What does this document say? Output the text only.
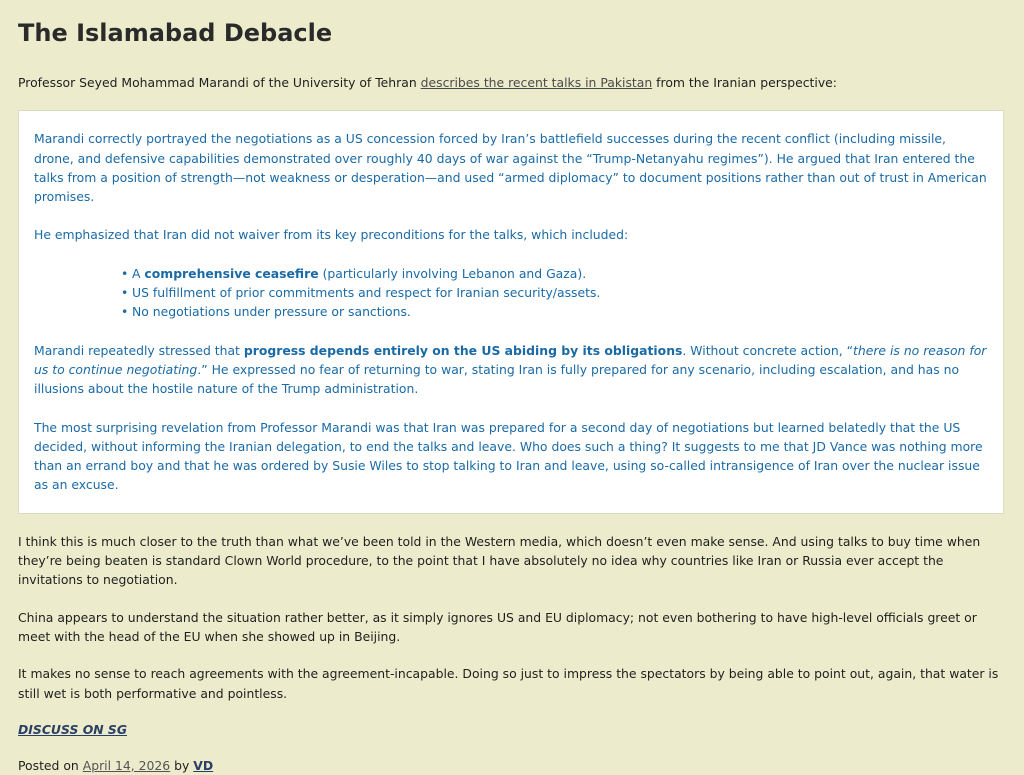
The Islamabad Debacle

Professor Seyed Mohammad Marandi of the University of Tehran describes the recent talks in Pakistan from the Iranian perspective:

Marandi correctly portrayed the negotiations as a US concession forced by Iran’s battlefield successes during the recent conflict (including missile, drone, and defensive capabilities demonstrated over roughly 40 days of war against the “Trump-Netanyahu regimes”). He argued that Iran entered the talks from a position of strength—not weakness or desperation—and used “armed diplomacy” to document positions rather than out of trust in American promises.

He emphasized that Iran did not waiver from its key preconditions for the talks, which included:

• A comprehensive ceasefire (particularly involving Lebanon and Gaza).
• US fulfillment of prior commitments and respect for Iranian security/assets.
• No negotiations under pressure or sanctions.

Marandi repeatedly stressed that progress depends entirely on the US abiding by its obligations. Without concrete action, “there is no reason for us to continue negotiating.” He expressed no fear of returning to war, stating Iran is fully prepared for any scenario, including escalation, and has no illusions about the hostile nature of the Trump administration.

The most surprising revelation from Professor Marandi was that Iran was prepared for a second day of negotiations but learned belatedly that the US decided, without informing the Iranian delegation, to end the talks and leave. Who does such a thing? It suggests to me that JD Vance was nothing more than an errand boy and that he was ordered by Susie Wiles to stop talking to Iran and leave, using so-called intransigence of Iran over the nuclear issue as an excuse.

I think this is much closer to the truth than what we’ve been told in the Western media, which doesn’t even make sense. And using talks to buy time when they’re being beaten is standard Clown World procedure, to the point that I have absolutely no idea why countries like Iran or Russia ever accept the invitations to negotiation.

China appears to understand the situation rather better, as it simply ignores US and EU diplomacy; not even bothering to have high-level officials greet or meet with the head of the EU when she showed up in Beijing.

It makes no sense to reach agreements with the agreement-incapable. Doing so just to impress the spectators by being able to point out, again, that water is still wet is both performative and pointless.

DISCUSS ON SG
Posted on April 14, 2026 by VD
